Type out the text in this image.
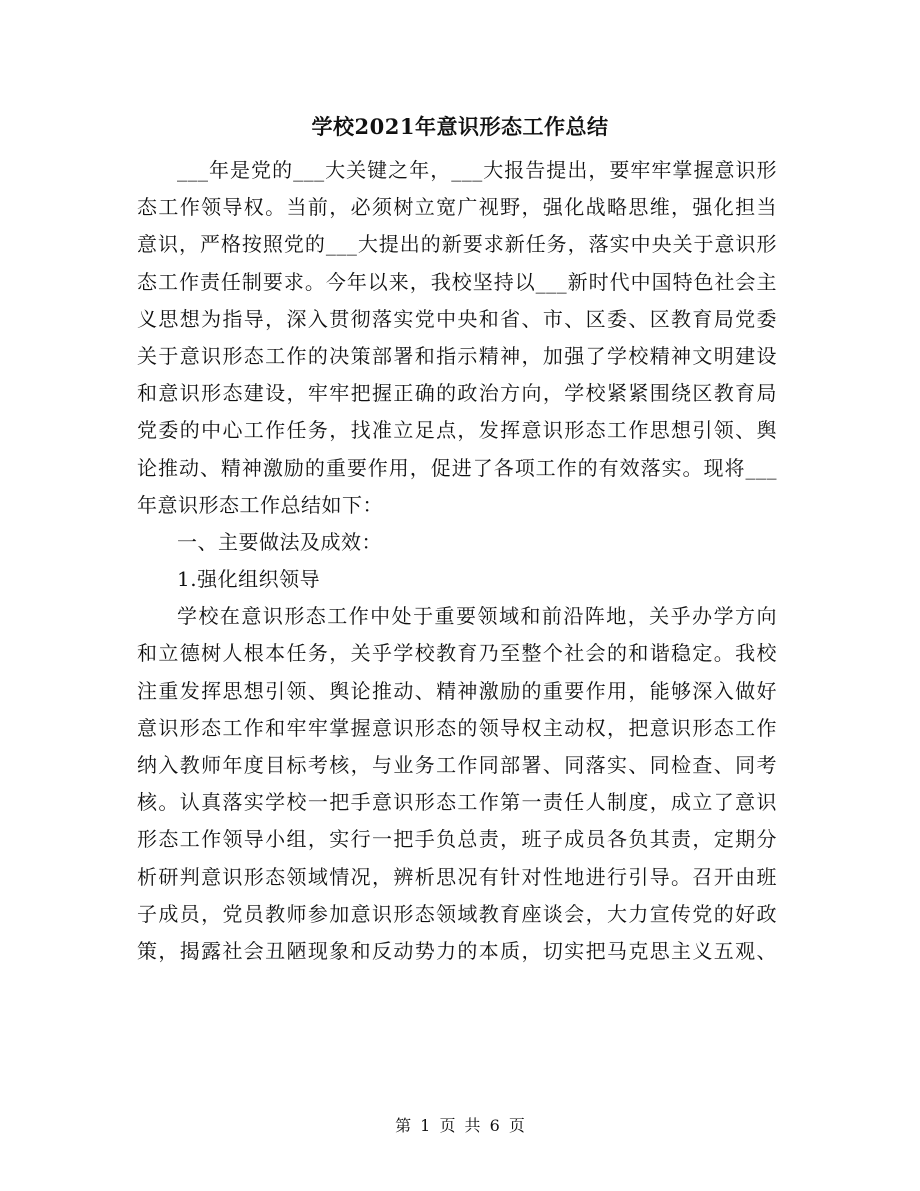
学校2021年意识形态工作总结
___年是党的___大关键之年，___大报告提出，要牢牢掌握意识形
态工作领导权。当前，必须树立宽广视野，强化战略思维，强化担当
意识，严格按照党的___大提出的新要求新任务，落实中央关于意识形
态工作责任制要求。今年以来，我校坚持以___新时代中国特色社会主
义思想为指导，深入贯彻落实党中央和省、市、区委、区教育局党委
关于意识形态工作的决策部署和指示精神，加强了学校精神文明建设
和意识形态建设，牢牢把握正确的政治方向，学校紧紧围绕区教育局
党委的中心工作任务，找准立足点，发挥意识形态工作思想引领、舆
论推动、精神激励的重要作用，促进了各项工作的有效落实。现将___
年意识形态工作总结如下：
一、主要做法及成效：
1.强化组织领导
学校在意识形态工作中处于重要领域和前沿阵地，关乎办学方向
和立德树人根本任务，关乎学校教育乃至整个社会的和谐稳定。我校
注重发挥思想引领、舆论推动、精神激励的重要作用，能够深入做好
意识形态工作和牢牢掌握意识形态的领导权主动权，把意识形态工作
纳入教师年度目标考核，与业务工作同部署、同落实、同检查、同考
核。认真落实学校一把手意识形态工作第一责任人制度，成立了意识
形态工作领导小组，实行一把手负总责，班子成员各负其责，定期分
析研判意识形态领域情况，辨析思况有针对性地进行引导。召开由班
子成员，党员教师参加意识形态领域教育座谈会，大力宣传党的好政
策，揭露社会丑陋现象和反动势力的本质，切实把马克思主义五观、
第 1 页 共 6 页
